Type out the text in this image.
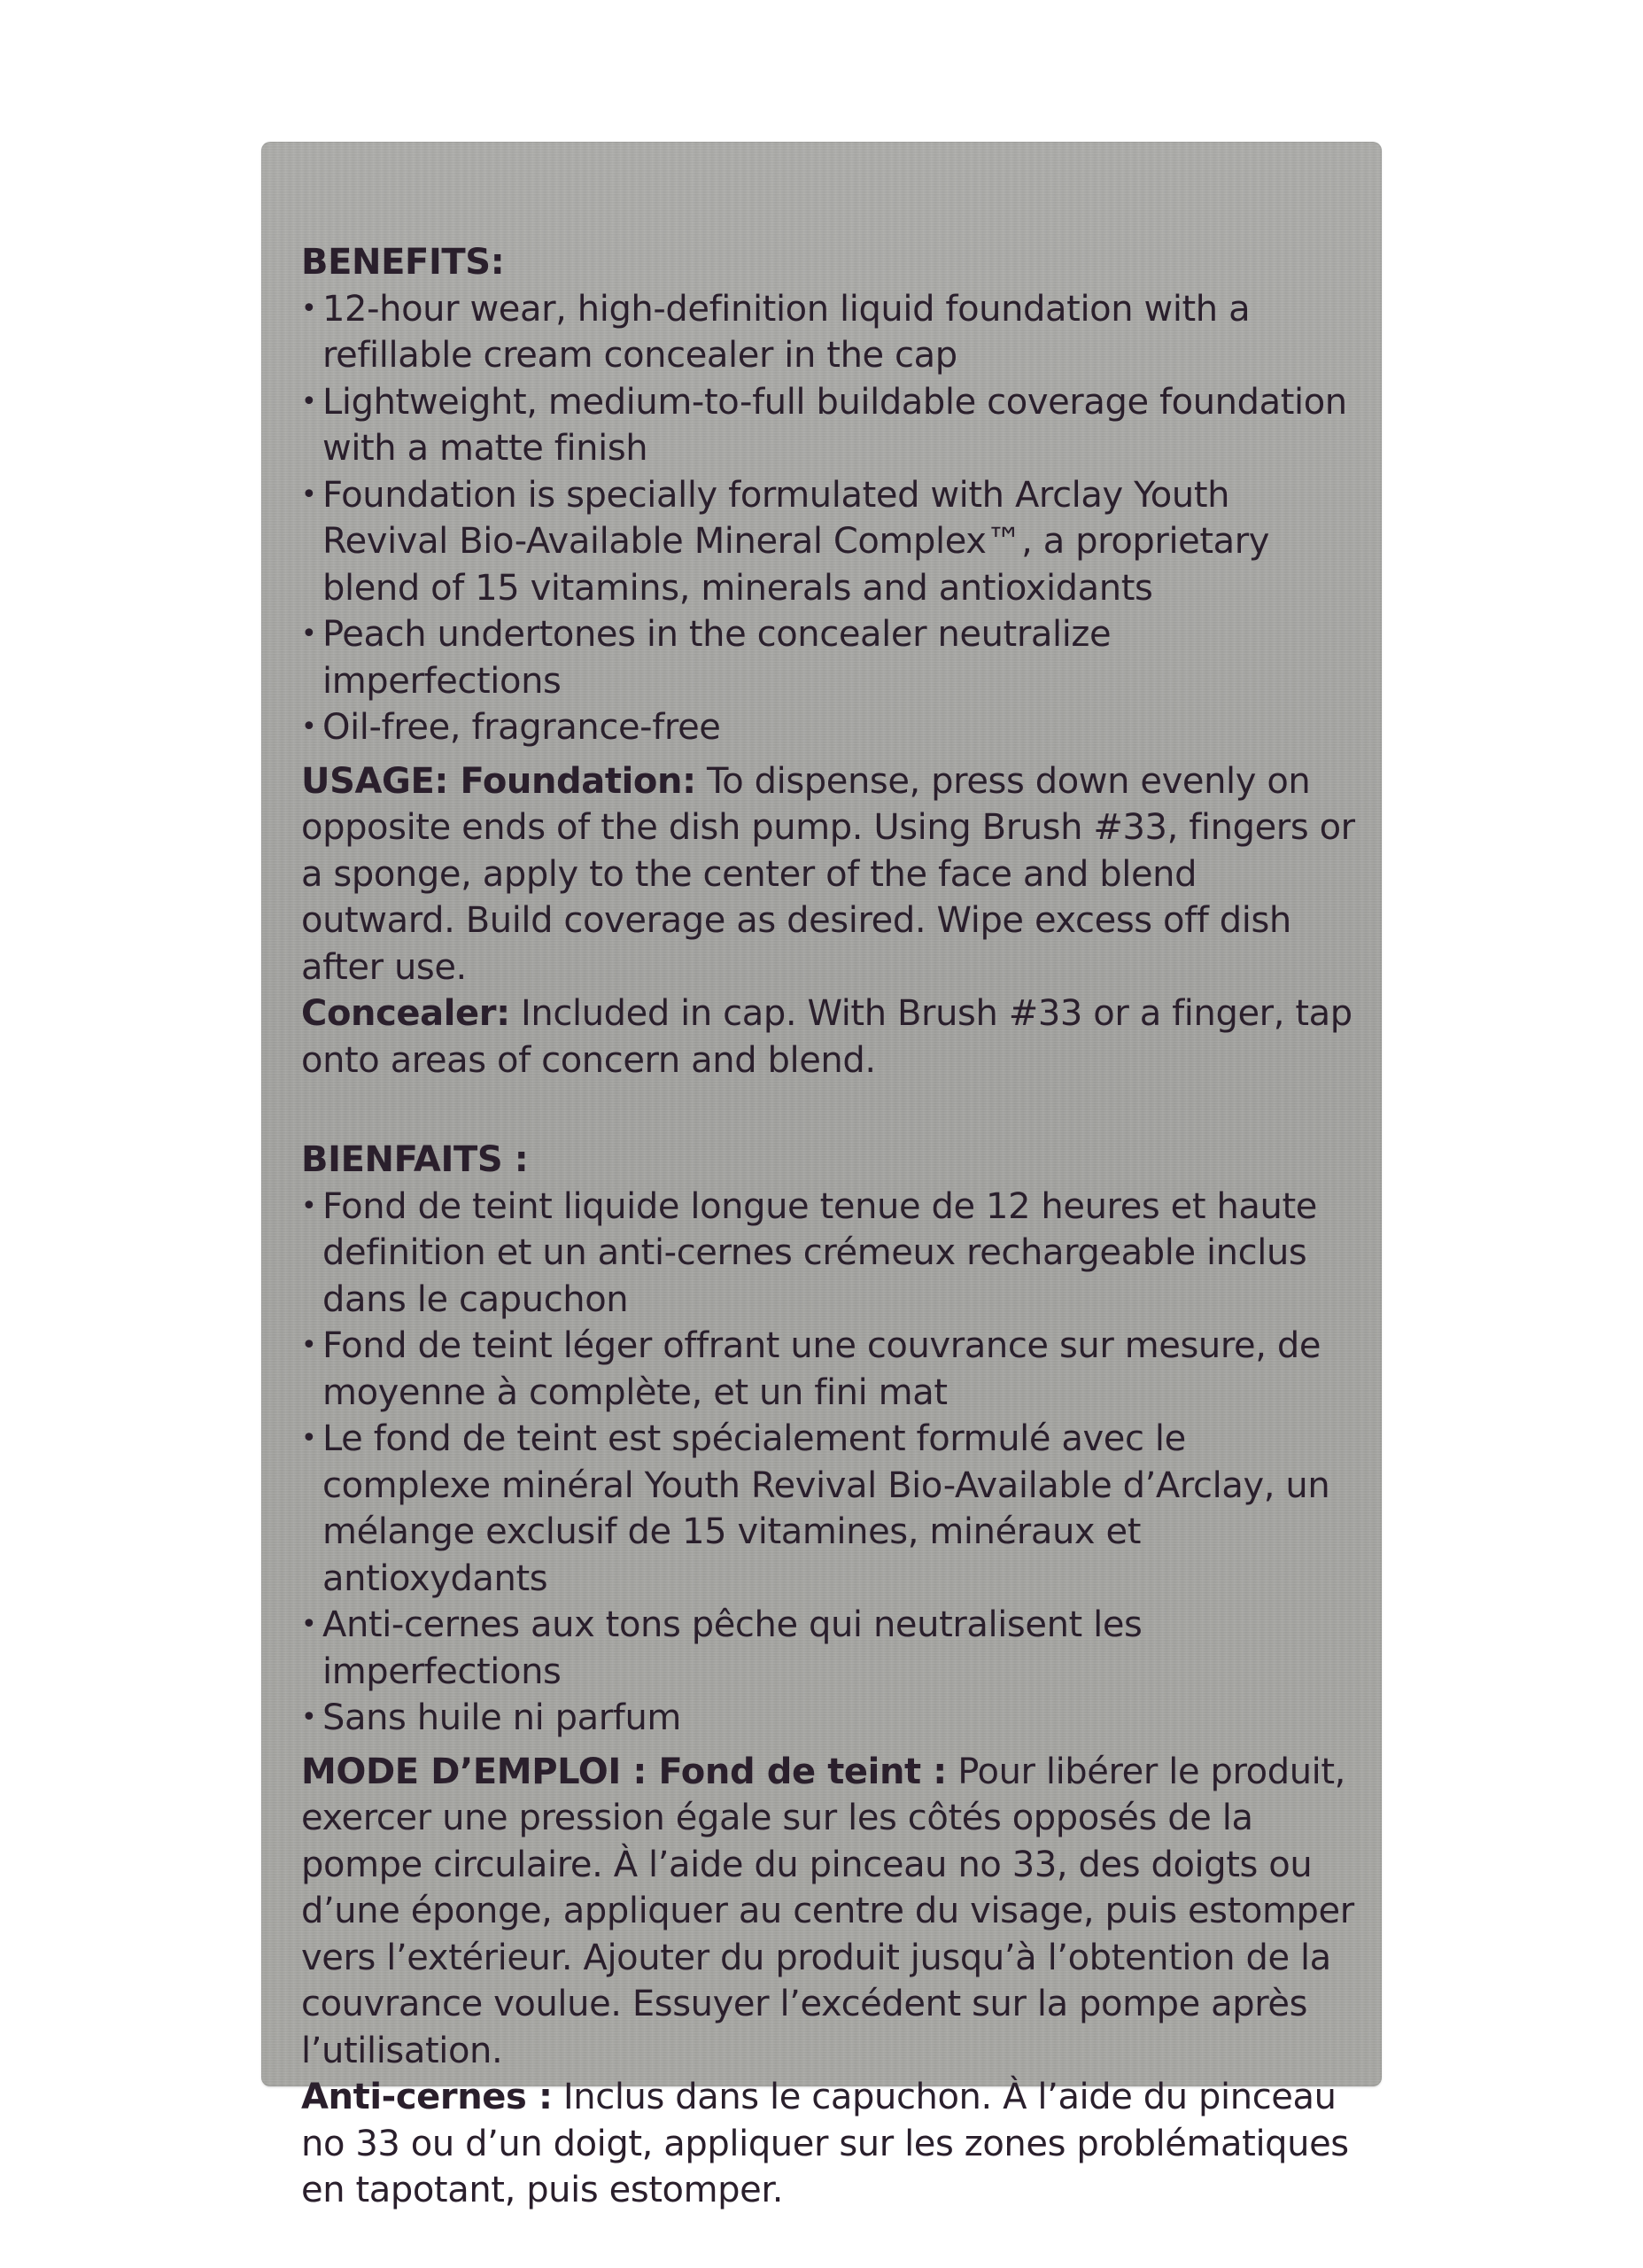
BENEFITS:

• 12-hour wear, high-definition liquid foundation with a refillable cream concealer in the cap
• Lightweight, medium-to-full buildable coverage foundation with a matte finish
• Foundation is specially formulated with Arclay Youth Revival Bio-Available Mineral Complex™, a proprietary blend of 15 vitamins, minerals and antioxidants
• Peach undertones in the concealer neutralize imperfections
• Oil-free, fragrance-free

USAGE: Foundation: To dispense, press down evenly on opposite ends of the dish pump. Using Brush #33, fingers or a sponge, apply to the center of the face and blend outward. Build coverage as desired. Wipe excess off dish after use.

Concealer: Included in cap. With Brush #33 or a finger, tap onto areas of concern and blend.

BIENFAITS :

• Fond de teint liquide longue tenue de 12 heures et haute definition et un anti-cernes crémeux rechargeable inclus dans le capuchon
• Fond de teint léger offrant une couvrance sur mesure, de moyenne à complète, et un fini mat
• Le fond de teint est spécialement formulé avec le complexe minéral Youth Revival Bio-Available d’Arclay, un mélange exclusif de 15 vitamines, minéraux et antioxydants
• Anti-cernes aux tons pêche qui neutralisent les imperfections
• Sans huile ni parfum

MODE D’EMPLOI : Fond de teint : Pour libérer le produit, exercer une pression égale sur les côtés opposés de la pompe circulaire. À l’aide du pinceau no 33, des doigts ou d’une éponge, appliquer au centre du visage, puis estomper vers l’extérieur. Ajouter du produit jusqu’à l’obtention de la couvrance voulue. Essuyer l’excédent sur la pompe après l’utilisation.

Anti-cernes : Inclus dans le capuchon. À l’aide du pinceau no 33 ou d’un doigt, appliquer sur les zones problématiques en tapotant, puis estomper.
